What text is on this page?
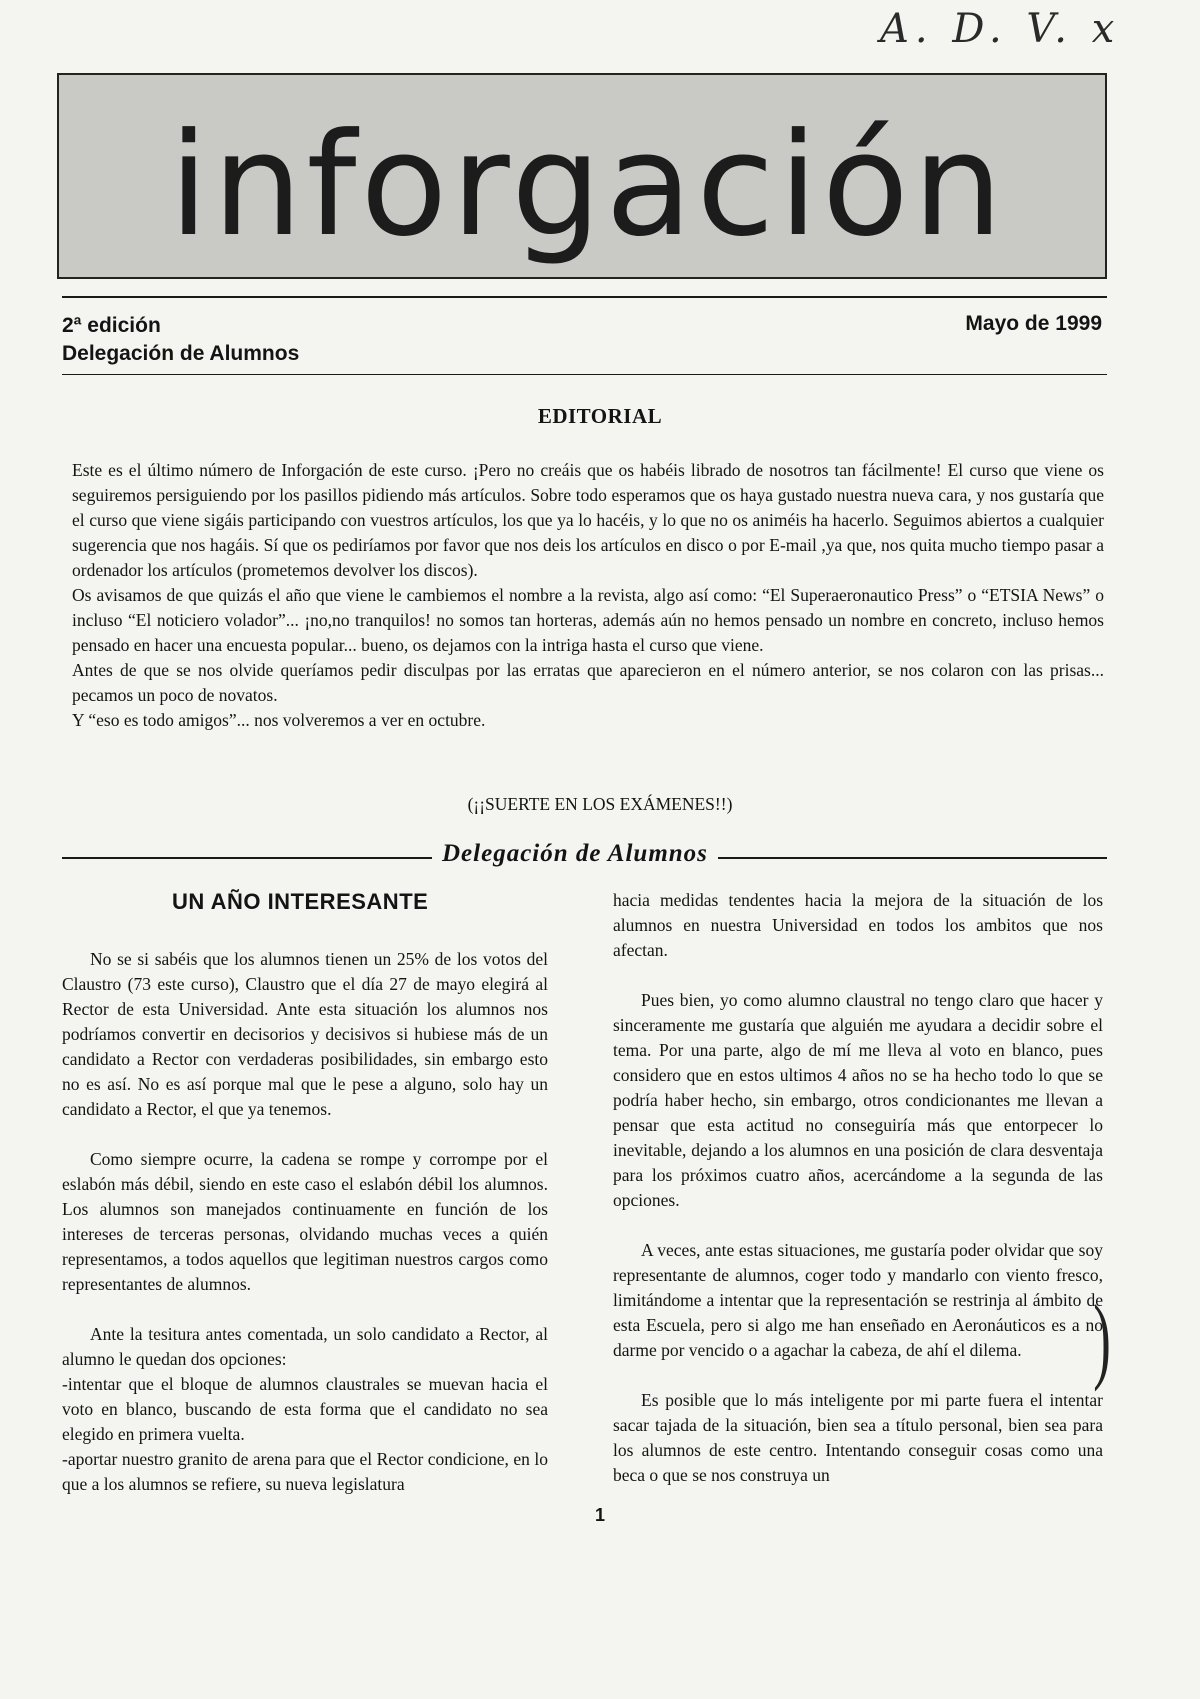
A. D. V. x
inforgación
2ª edición
Delegación de Alumnos
Mayo de 1999
EDITORIAL

Este es el último número de Inforgación de este curso. ¡Pero no creáis que os habéis librado de nosotros tan fácilmente! El curso que viene os seguiremos persiguiendo por los pasillos pidiendo más artículos. Sobre todo esperamos que os haya gustado nuestra nueva cara, y nos gustaría que el curso que viene sigáis participando con vuestros artículos, los que ya lo hacéis, y lo que no os animéis ha hacerlo. Seguimos abiertos a cualquier sugerencia que nos hagáis. Sí que os pediríamos por favor que nos deis los artículos en disco o por E-mail ,ya que, nos quita mucho tiempo pasar a ordenador los artículos (prometemos devolver los discos).

Os avisamos de que quizás el año que viene le cambiemos el nombre a la revista, algo así como: “El Superaeronautico Press” o “ETSIA News” o incluso “El noticiero volador”... ¡no,no tranquilos! no somos tan horteras, además aún no hemos pensado un nombre en concreto, incluso hemos pensado en hacer una encuesta popular... bueno, os dejamos con la intriga hasta el curso que viene.

Antes de que se nos olvide queríamos pedir disculpas por las erratas que aparecieron en el número anterior, se nos colaron con las prisas... pecamos un poco de novatos.

Y “eso es todo amigos”... nos volveremos a ver en octubre.

(¡¡SUERTE EN LOS EXÁMENES!!)
Delegación de Alumnos
UN AÑO INTERESANTE

No se si sabéis que los alumnos tienen un 25% de los votos del Claustro (73 este curso), Claustro que el día 27 de mayo elegirá al Rector de esta Universidad. Ante esta situación los alumnos nos podríamos convertir en decisorios y decisivos si hubiese más de un candidato a Rector con verdaderas posibilidades, sin embargo esto no es así. No es así porque mal que le pese a alguno, solo hay un candidato a Rector, el que ya tenemos.

Como siempre ocurre, la cadena se rompe y corrompe por el eslabón más débil, siendo en este caso el eslabón débil los alumnos. Los alumnos son manejados continuamente en función de los intereses de terceras personas, olvidando muchas veces a quién representamos, a todos aquellos que legitiman nuestros cargos como representantes de alumnos.

Ante la tesitura antes comentada, un solo candidato a Rector, al alumno le quedan dos opciones:

-intentar que el bloque de alumnos claustrales se muevan hacia el voto en blanco, buscando de esta forma que el candidato no sea elegido en primera vuelta.

-aportar nuestro granito de arena para que el Rector condicione, en lo que a los alumnos se refiere, su nueva legislatura

hacia medidas tendentes hacia la mejora de la situación de los alumnos en nuestra Universidad en todos los ambitos que nos afectan.

Pues bien, yo como alumno claustral no tengo claro que hacer y sinceramente me gustaría que alguién me ayudara a decidir sobre el tema. Por una parte, algo de mí me lleva al voto en blanco, pues considero que en estos ultimos 4 años no se ha hecho todo lo que se podría haber hecho, sin embargo, otros condicionantes me llevan a pensar que esta actitud no conseguiría más que entorpecer lo inevitable, dejando a los alumnos en una posición de clara desventaja para los próximos cuatro años, acercándome a la segunda de las opciones.

A veces, ante estas situaciones, me gustaría poder olvidar que soy representante de alumnos, coger todo y mandarlo con viento fresco, limitándome a intentar que la representación se restrinja al ámbito de esta Escuela, pero si algo me han enseñado en Aeronáuticos es a no darme por vencido o a agachar la cabeza, de ahí el dilema.

Es posible que lo más inteligente por mi parte fuera el intentar sacar tajada de la situación, bien sea a título personal, bien sea para los alumnos de este centro. Intentando conseguir cosas como una beca o que se nos construya un

)
1
